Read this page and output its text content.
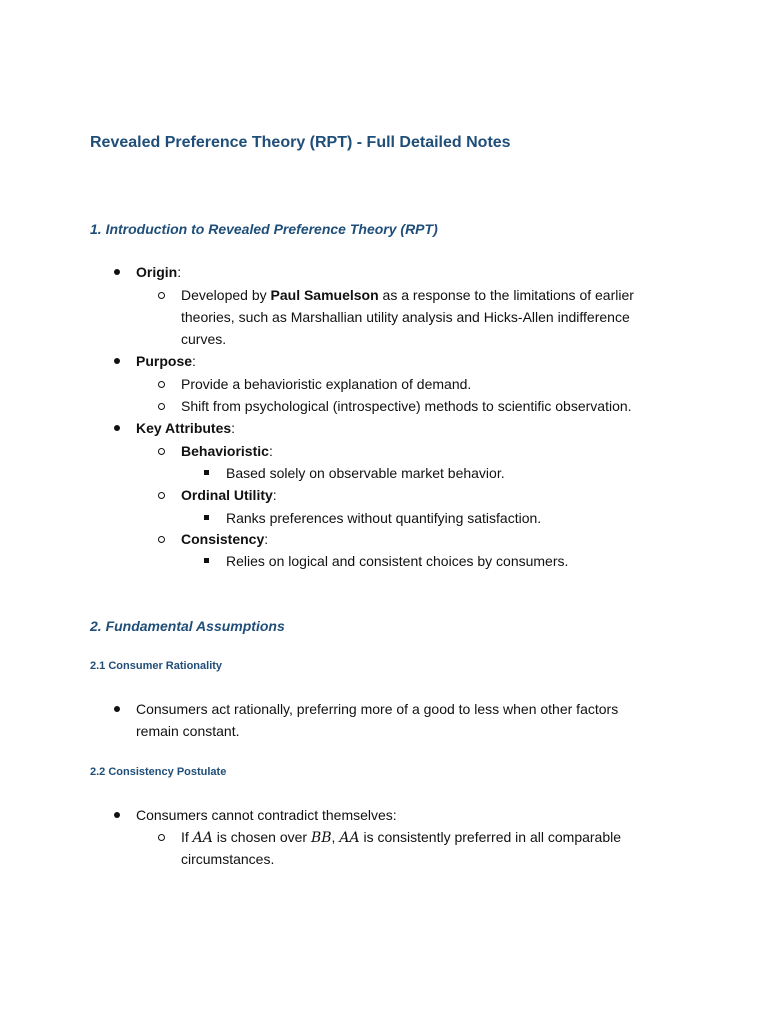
Revealed Preference Theory (RPT) - Full Detailed Notes
1. Introduction to Revealed Preference Theory (RPT)
Origin:
Developed by Paul Samuelson as a response to the limitations of earlier
theories, such as Marshallian utility analysis and Hicks-Allen indifference
curves.
Purpose:
Provide a behavioristic explanation of demand.
Shift from psychological (introspective) methods to scientific observation.
Key Attributes:
Behavioristic:
Based solely on observable market behavior.
Ordinal Utility:
Ranks preferences without quantifying satisfaction.
Consistency:
Relies on logical and consistent choices by consumers.
2. Fundamental Assumptions
2.1 Consumer Rationality
Consumers act rationally, preferring more of a good to less when other factors
remain constant.
2.2 Consistency Postulate
Consumers cannot contradict themselves:
If AA is chosen over BB, AA is consistently preferred in all comparable
circumstances.
